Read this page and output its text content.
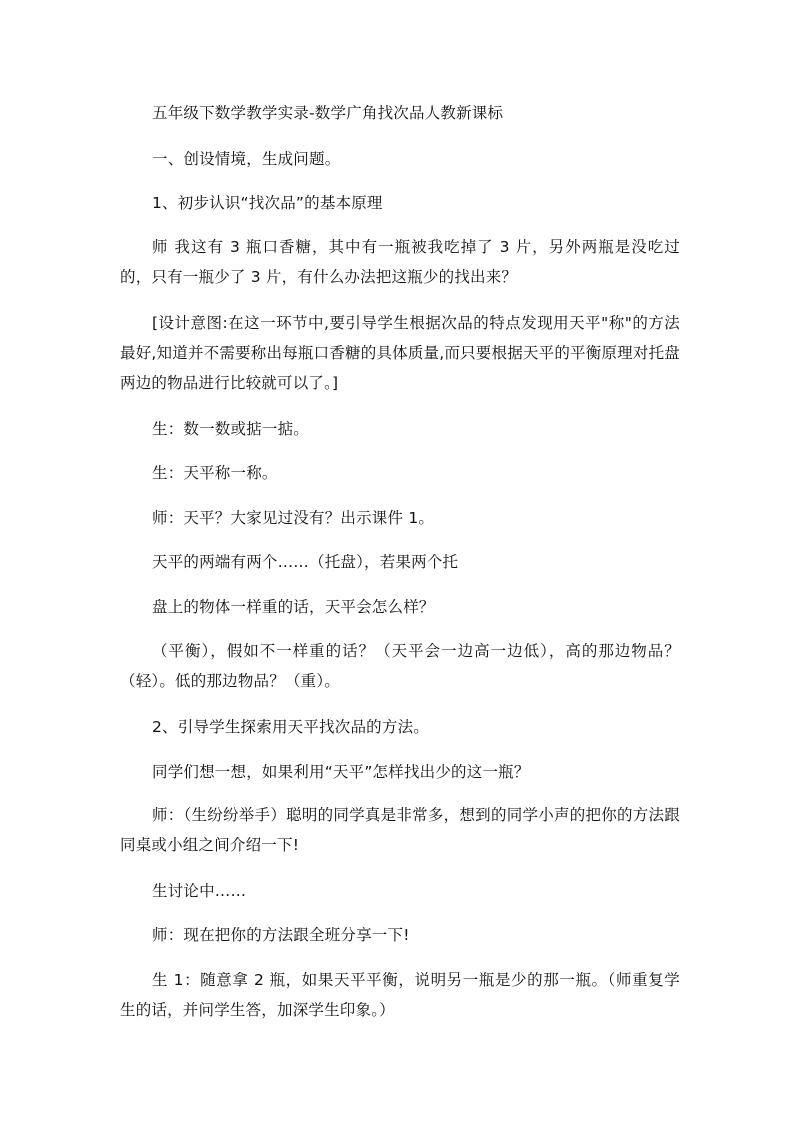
五年级下数学教学实录-数学广角找次品人教新课标

一、创设情境，生成问题。

1、初步认识“找次品”的基本原理

师 我这有 3 瓶口香糖，其中有一瓶被我吃掉了 3 片，另外两瓶是没吃过的，只有一瓶少了 3 片，有什么办法把这瓶少的找出来？

[设计意图:在这一环节中,要引导学生根据次品的特点发现用天平"称"的方法最好,知道并不需要称出每瓶口香糖的具体质量,而只要根据天平的平衡原理对托盘两边的物品进行比较就可以了。]

生：数一数或掂一掂。

生：天平称一称。

师：天平？大家见过没有？出示课件 1。

天平的两端有两个……（托盘），若果两个托

盘上的物体一样重的话，天平会怎么样？

（平衡），假如不一样重的话？（天平会一边高一边低），高的那边物品？（轻）。低的那边物品？（重）。

2、引导学生探索用天平找次品的方法。

同学们想一想，如果利用“天平”怎样找出少的这一瓶？

师：（生纷纷举手）聪明的同学真是非常多，想到的同学小声的把你的方法跟同桌或小组之间介绍一下!

生讨论中……

师：现在把你的方法跟全班分享一下!

生 1：随意拿 2 瓶，如果天平平衡，说明另一瓶是少的那一瓶。（师重复学生的话，并问学生答，加深学生印象。）
